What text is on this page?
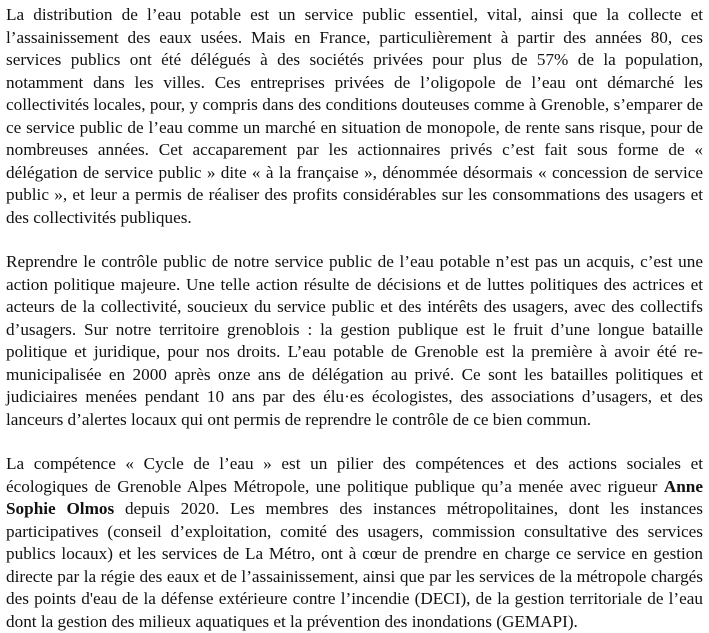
La distribution de l’eau potable est un service public essentiel, vital, ainsi que la collecte et l’assainissement des eaux usées. Mais en France, particulièrement à partir des années 80, ces services publics ont été délégués à des sociétés privées pour plus de 57% de la population, notamment dans les villes. Ces entreprises privées de l’oligopole de l’eau ont démarché les collectivités locales, pour, y compris dans des conditions douteuses comme à Grenoble, s’emparer de ce service public de l’eau comme un marché en situation de monopole, de rente sans risque, pour de nombreuses années. Cet accaparement par les actionnaires privés c’est fait sous forme de « délégation de service public » dite « à la française », dénommée désormais « concession de service public », et leur a permis de réaliser des profits considérables sur les consommations des usagers et des collectivités publiques.

Reprendre le contrôle public de notre service public de l’eau potable n’est pas un acquis, c’est une action politique majeure. Une telle action résulte de décisions et de luttes politiques des actrices et acteurs de la collectivité, soucieux du service public et des intérêts des usagers, avec des collectifs d’usagers. Sur notre territoire grenoblois : la gestion publique est le fruit d’une longue bataille politique et juridique, pour nos droits. L’eau potable de Grenoble est la première à avoir été re-municipalisée en 2000 après onze ans de délégation au privé. Ce sont les batailles politiques et judiciaires menées pendant 10 ans par des élu·es écologistes, des associations d’usagers, et des lanceurs d’alertes locaux qui ont permis de reprendre le contrôle de ce bien commun.

La compétence « Cycle de l’eau » est un pilier des compétences et des actions sociales et écologiques de Grenoble Alpes Métropole, une politique publique qu’a menée avec rigueur Anne Sophie Olmos depuis 2020. Les membres des instances métropolitaines, dont les instances participatives (conseil d’exploitation, comité des usagers, commission consultative des services publics locaux) et les services de La Métro, ont à cœur de prendre en charge ce service en gestion directe par la régie des eaux et de l’assainissement, ainsi que par les services de la métropole chargés des points d'eau de la défense extérieure contre l’incendie (DECI), de la gestion territoriale de l’eau dont la gestion des milieux aquatiques et la prévention des inondations (GEMAPI).
